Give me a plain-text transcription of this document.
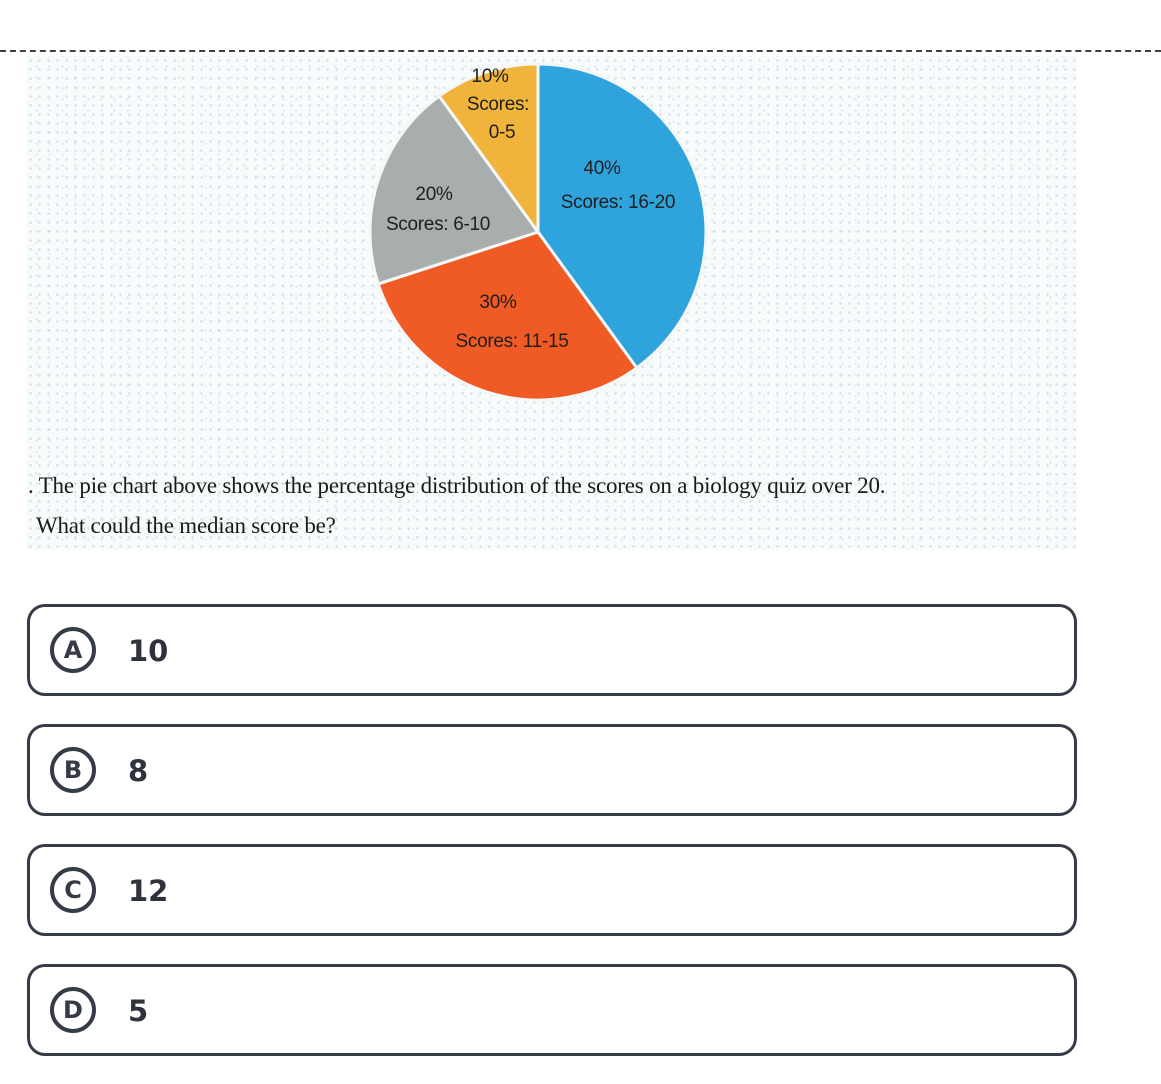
10%
Scores:
0-5
40%
Scores: 16-20
20%
Scores: 6-10
30%
Scores: 11-15
. The pie chart above shows the percentage distribution of the scores on a biology quiz over 20.
What could the median score be?
A	10
B	8
C	12
D	5
